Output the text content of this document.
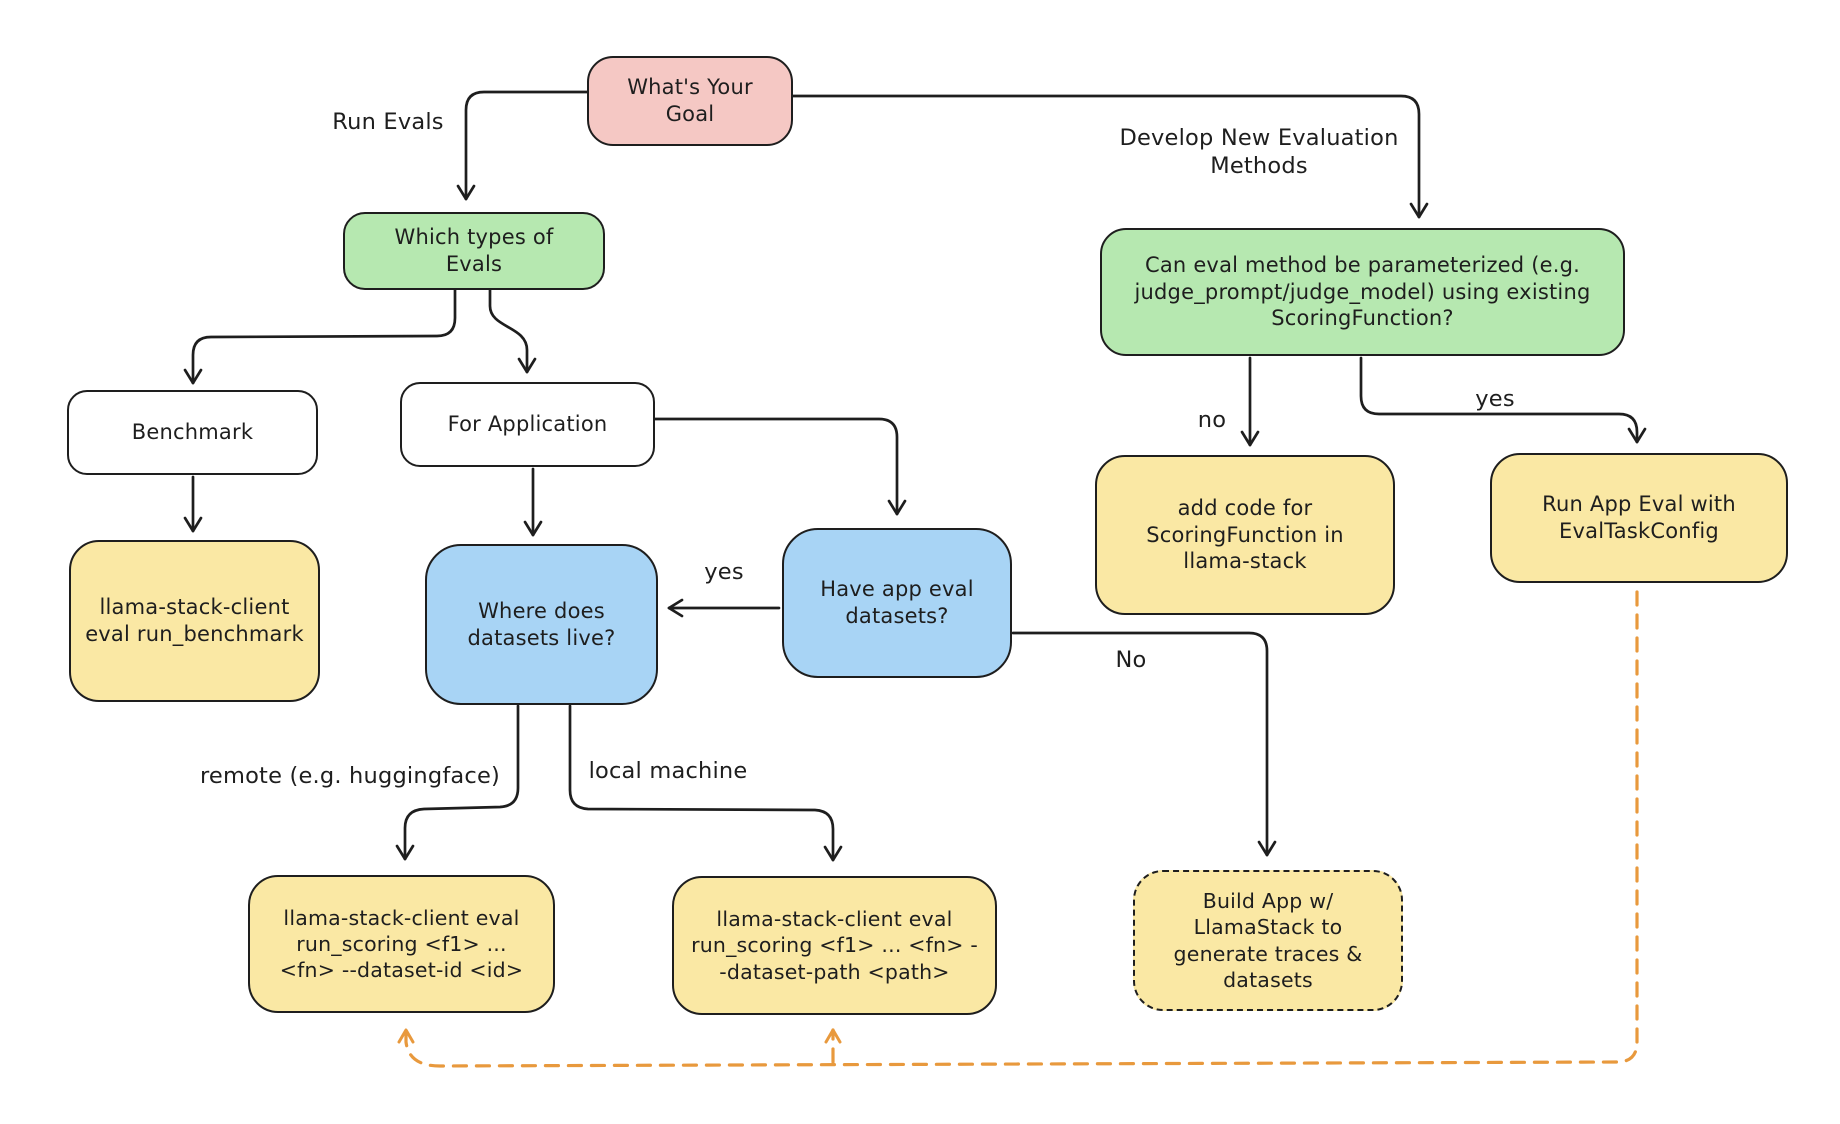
What's Your Goal
Which types of Evals
Benchmark	For Application
llama-stack-client eval run_benchmark
Where does datasets live?
Have app eval datasets?
Can eval method be parameterized (e.g. judge_prompt/judge_model) using existing ScoringFunction?
add code for ScoringFunction in llama-stack
Run App Eval with EvalTaskConfig
llama-stack-client eval run_scoring <f1> ... <fn> --dataset-id <id>
llama-stack-client eval run_scoring <f1> ... <fn> --dataset-path <path>
Build App w/ LlamaStack to generate traces & datasets
Run Evals
Develop New Evaluation Methods
yes
No
remote (e.g. huggingface)	local machine
no
yes
